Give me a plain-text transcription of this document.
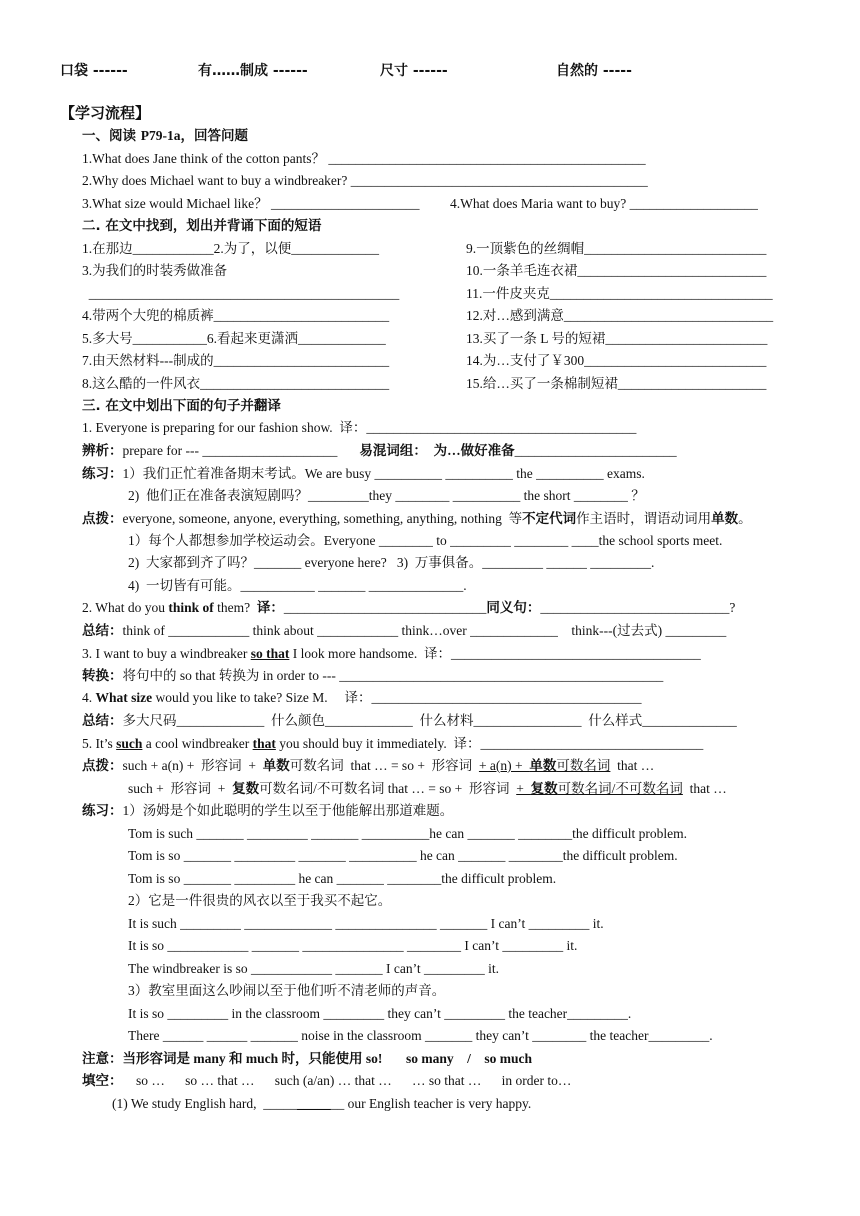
口袋 ------	有……制成 ------	尺寸 ------	自然的 -----
【学习流程】
一、阅读 P79-1a，回答问题
1.What does Jane think of the cotton pants？ _______________________________________________
2.Why does Michael want to buy a windbreaker? ____________________________________________
3.What size would Michael like？ ______________________ 4.What does Maria want to buy? ___________________
二. 在文中找到，划出并背诵下面的短语
1.在那边____________2.为了，以便_____________
3.为我们的时装秀做准备
______________________________________________
4.带两个大兜的棉质裤__________________________
5.多大号___________6.看起来更潇洒_____________
7.由天然材料---制成的__________________________
8.这么酷的一件风衣____________________________
9.一顶紫色的丝绸帽___________________________
10.一条羊毛连衣裙____________________________
11.一件皮夹克_________________________________
12.对…感到满意_______________________________
13.买了一条 L 号的短裙________________________
14.为…支付了￥300___________________________
15.给…买了一条棉制短裙______________________
三. 在文中划出下面的句子并翻译
1. Everyone is preparing for our fashion show.  译：________________________________________
辨析：prepare for --- ____________________ 易混词组：  为…做好准备________________________
练习：1）我们正忙着准备期末考试。We are busy __________ __________ the __________ exams.
2)  他们正在准备表演短剧吗？_________they ________ __________ the short ________ ？
点拨：everyone, someone, anyone, everything, something, anything, nothing  等不定代词作主语时，谓语动词用单数。
1）每个人都想参加学校运动会。Everyone ________ to _________ ________ ____the school sports meet.
2)  大家都到齐了吗？_______ everyone here?   3)  万事俱备。_________ ______ _________.
4)  一切皆有可能。___________ _______ ______________.
2. What do you think of them?  译：______________________________同义句：____________________________?
总结：think of ____________ think about ____________ think…over _____________    think---(过去式) _________
3. I want to buy a windbreaker so that I look more handsome.  译：_____________________________________
转换：将句中的 so that 转换为 in order to --- ________________________________________________
4. What size would you like to take? Size M.     译：________________________________________
总结：多大尺码_____________  什么颜色_____________  什么材料________________  什么样式______________
5. It’s such a cool windbreaker that you should buy it immediately.  译：_________________________________
点拨：such + a(n) +  形容词  +  单数可数名词  that … = so +  形容词  + a(n) +  单数可数名词  that …
such +  形容词  +  复数可数名词/不可数名词 that … = so +  形容词  +  复数可数名词/不可数名词  that …
练习：1）汤姆是个如此聪明的学生以至于他能解出那道难题。
Tom is such _______ _________ _______ __________he can _______ ________the difficult problem.
Tom is so _______ _________ _______ __________ he can _______ ________the difficult problem.
Tom is so _______ _________ he can _______ ________the difficult problem.
2）它是一件很贵的风衣以至于我买不起它。
It is such _________ _____________ _______________ _______ I can’t _________ it.
It is so ____________ _______ _______________ ________ I can’t _________ it.
The windbreaker is so ____________ _______ I can’t _________ it.
3）教室里面这么吵闹以至于他们听不清老师的声音。
It is so _________ in the classroom _________ they can’t _________ the teacher_________.
There ______ ______ _______ noise in the classroom _______ they can’t ________ the teacher_________.
注意：当形容词是 many 和 much 时，只能使用 so!       so many    /    so much
填空：    so …      so … that …      such (a/an) … that …      … so that …      in order to…
(1) We study English hard,  ____________ our English teacher is very happy.
